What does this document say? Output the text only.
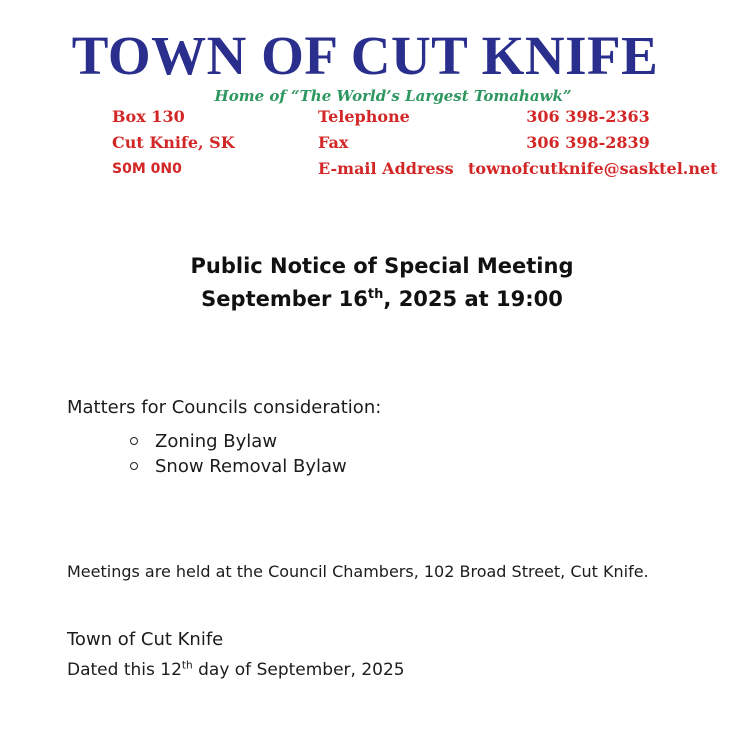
TOWN OF CUT KNIFE
Home of “The World’s Largest Tomahawk”
Box 130	Telephone	306 398-2363
Cut Knife, SK	Fax	306 398-2839
S0M 0N0	E-mail Address townofcutknife@sasktel.net
Public Notice of Special Meeting
September 16th, 2025 at 19:00
Matters for Councils consideration:
Zoning Bylaw
Snow Removal Bylaw
Meetings are held at the Council Chambers, 102 Broad Street, Cut Knife.
Town of Cut Knife
Dated this 12th day of September, 2025
